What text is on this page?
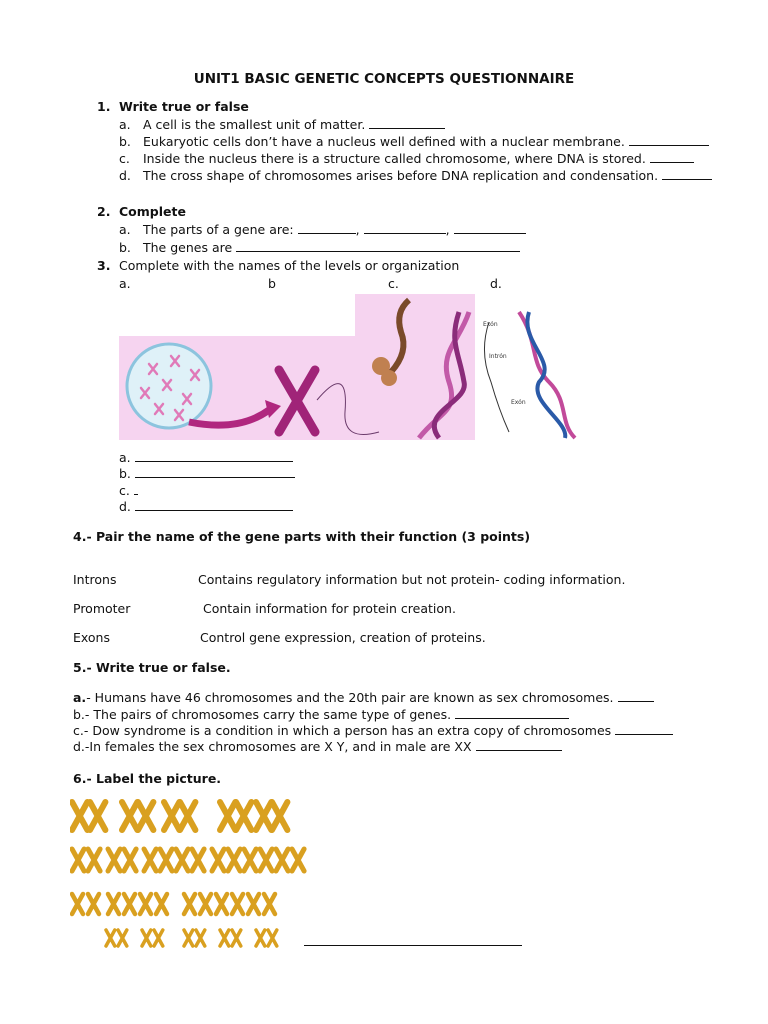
UNIT1 BASIC GENETIC CONCEPTS QUESTIONNAIRE
1. Write true or false
a. A cell is the smallest unit of matter.
b. Eukaryotic cells don’t have a nucleus well defined with a nuclear membrane.
c. Inside the nucleus there is a structure called chromosome, where DNA is stored.
d. The cross shape of chromosomes arises before DNA replication and condensation.
2. Complete
a. The parts of a gene are:	,	,
b. The genes are
3. Complete with the names of the levels or organization
a.	b	c.	d.
Exón
Intrón
Exón
a.
b.
c.
d.
4.- Pair the name of the gene parts with their function (3 points)
Introns	Contains regulatory information but not protein- coding information.
Promoter	Contain information for protein creation.
Exons	Control gene expression, creation of proteins.
5.- Write true or false.
a.- Humans have 46 chromosomes and the 20th pair are known as sex chromosomes.
b.- The pairs of chromosomes carry the same type of genes.
c.- Dow syndrome is a condition in which a person has an extra copy of chromosomes
d.-In females the sex chromosomes are X Y, and in male are XX
6.- Label the picture.
